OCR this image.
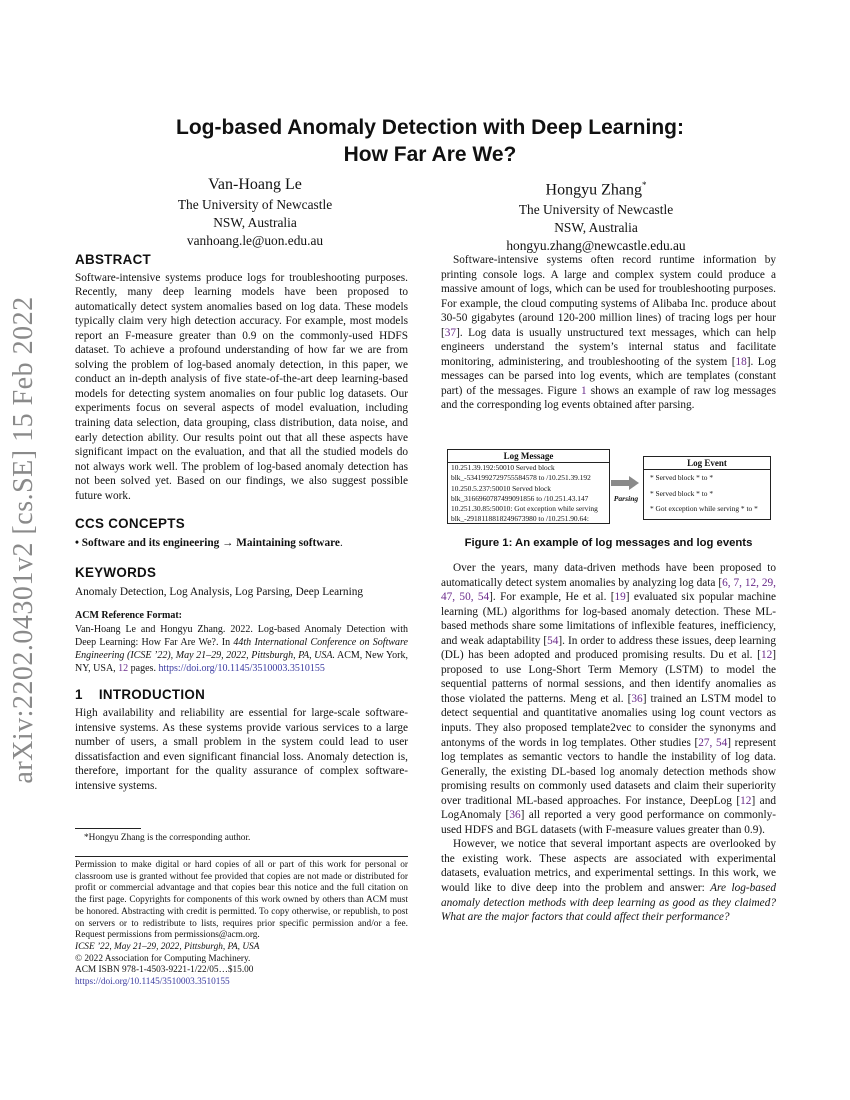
arXiv:2202.04301v2 [cs.SE] 15 Feb 2022
Log-based Anomaly Detection with Deep Learning:
How Far Are We?
Van-Hoang Le
The University of Newcastle
NSW, Australia
vanhoang.le@uon.edu.au
Hongyu Zhang*
The University of Newcastle
NSW, Australia
hongyu.zhang@newcastle.edu.au
ABSTRACT

Software-intensive systems produce logs for troubleshooting purposes. Recently, many deep learning models have been proposed to automatically detect system anomalies based on log data. These models typically claim very high detection accuracy. For example, most models report an F-measure greater than 0.9 on the commonly-used HDFS dataset. To achieve a profound understanding of how far we are from solving the problem of log-based anomaly detection, in this paper, we conduct an in-depth analysis of five state-of-the-art deep learning-based models for detecting system anomalies on four public log datasets. Our experiments focus on several aspects of model evaluation, including training data selection, data grouping, class distribution, data noise, and early detection ability. Our results point out that all these aspects have significant impact on the evaluation, and that all the studied models do not always work well. The problem of log-based anomaly detection has not been solved yet. Based on our findings, we also suggest possible future work.

CCS CONCEPTS

• Software and its engineering → Maintaining software.

KEYWORDS

Anomaly Detection, Log Analysis, Log Parsing, Deep Learning

ACM Reference Format:
Van-Hoang Le and Hongyu Zhang. 2022. Log-based Anomaly Detection with Deep Learning: How Far Are We?. In 44th International Conference on Software Engineering (ICSE ’22), May 21–29, 2022, Pittsburgh, PA, USA. ACM, New York, NY, USA, 12 pages. https://doi.org/10.1145/3510003.3510155
1 INTRODUCTION

High availability and reliability are essential for large-scale software-intensive systems. As these systems provide various services to a large number of users, a small problem in the system could lead to user dissatisfaction and even significant financial loss. Anomaly detection is, therefore, important for the quality assurance of complex software-intensive systems.

*Hongyu Zhang is the corresponding author.
Permission to make digital or hard copies of all or part of this work for personal or classroom use is granted without fee provided that copies are not made or distributed for profit or commercial advantage and that copies bear this notice and the full citation on the first page. Copyrights for components of this work owned by others than ACM must be honored. Abstracting with credit is permitted. To copy otherwise, or republish, to post on servers or to redistribute to lists, requires prior specific permission and/or a fee. Request permissions from permissions@acm.org.
ICSE ’22, May 21–29, 2022, Pittsburgh, PA, USA
© 2022 Association for Computing Machinery.
ACM ISBN 978-1-4503-9221-1/22/05…$15.00
https://doi.org/10.1145/3510003.3510155

Software-intensive systems often record runtime information by printing console logs. A large and complex system could produce a massive amount of logs, which can be used for troubleshooting purposes. For example, the cloud computing systems of Alibaba Inc. produce about 30-50 gigabytes (around 120-200 million lines) of tracing logs per hour [37]. Log data is usually unstructured text messages, which can help engineers understand the system’s internal status and facilitate monitoring, administering, and troubleshooting of the system [18]. Log messages can be parsed into log events, which are templates (constant part) of the messages. Figure 1 shows an example of raw log messages and the corresponding log events obtained after parsing.

Log Message
10.251.39.192:50010 Served block
blk_-5341992729755584578 to /10.251.39.192
10.250.5.237:50010 Served block
blk_3166960787499091856 to /10.251.43.147
10.251.30.85:50010: Got exception while serving
blk_-2918118818249673980 to /10.251.90.64:
Parsing
Log Event
* Served block * to *
* Served block * to *
* Got exception while serving * to *
Figure 1: An example of log messages and log events

Over the years, many data-driven methods have been proposed to automatically detect system anomalies by analyzing log data [6, 7, 12, 29, 47, 50, 54]. For example, He et al. [19] evaluated six popular machine learning (ML) algorithms for log-based anomaly detection. These ML-based methods share some limitations of inflexible features, inefficiency, and weak adaptability [54]. In order to address these issues, deep learning (DL) has been adopted and produced promising results. Du et al. [12] proposed to use Long-Short Term Memory (LSTM) to model the sequential patterns of normal sessions, and then identify anomalies as those violated the patterns. Meng et al. [36] trained an LSTM model to detect sequential and quantitative anomalies using log count vectors as inputs. They also proposed template2vec to consider the synonyms and antonyms of the words in log templates. Other studies [27, 54] represent log templates as semantic vectors to handle the instability of log data. Generally, the existing DL-based log anomaly detection methods show promising results on commonly used datasets and claim their superiority over traditional ML-based approaches. For instance, DeepLog [12] and LogAnomaly [36] all reported a very good performance on commonly-used HDFS and BGL datasets (with F-measure values greater than 0.9).

However, we notice that several important aspects are overlooked by the existing work. These aspects are associated with experimental datasets, evaluation metrics, and experimental settings. In this work, we would like to dive deep into the problem and answer: Are log-based anomaly detection methods with deep learning as good as they claimed? What are the major factors that could affect their performance?
